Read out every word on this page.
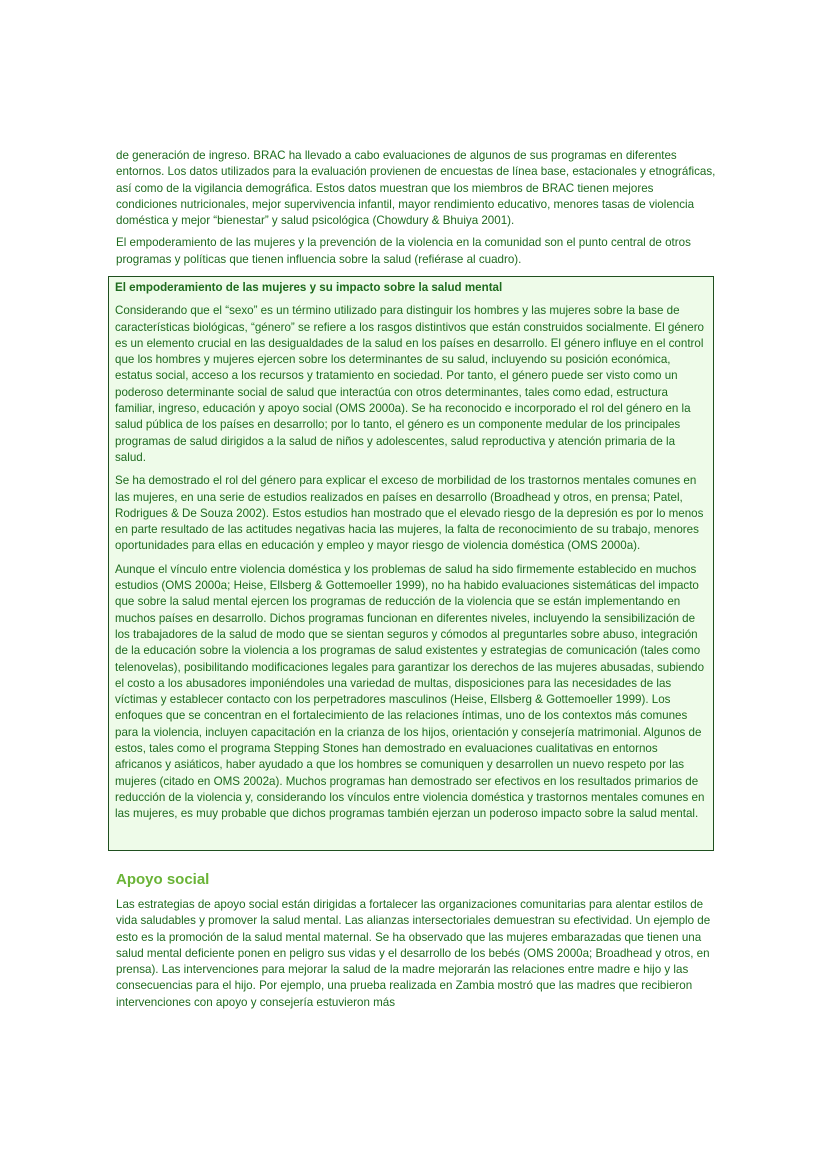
de generación de ingreso. BRAC ha llevado a cabo evaluaciones de algunos de sus programas en diferentes entornos. Los datos utilizados para la evaluación provienen de encuestas de línea base, estacionales y etnográficas, así como de la vigilancia demográfica. Estos datos muestran que los miembros de BRAC tienen mejores condiciones nutricionales, mejor supervivencia infantil, mayor rendimiento educativo, menores tasas de violencia doméstica y mejor “bienestar” y salud psicológica (Chowdury & Bhuiya 2001).

El empoderamiento de las mujeres y la prevención de la violencia en la comunidad son el punto central de otros programas y políticas que tienen influencia sobre la salud (refiérase al cuadro).

El empoderamiento de las mujeres y su impacto sobre la salud mental

Considerando que el “sexo” es un término utilizado para distinguir los hombres y las mujeres sobre la base de características biológicas, “género” se refiere a los rasgos distintivos que están construidos socialmente. El género es un elemento crucial en las desigualdades de la salud en los países en desarrollo. El género influye en el control que los hombres y mujeres ejercen sobre los determinantes de su salud, incluyendo su posición económica, estatus social, acceso a los recursos y tratamiento en sociedad. Por tanto, el género puede ser visto como un poderoso determinante social de salud que interactúa con otros determinantes, tales como edad, estructura familiar, ingreso, educación y apoyo social (OMS 2000a). Se ha reconocido e incorporado el rol del género en la salud pública de los países en desarrollo; por lo tanto, el género es un componente medular de los principales programas de salud dirigidos a la salud de niños y adolescentes, salud reproductiva y atención primaria de la salud.

Se ha demostrado el rol del género para explicar el exceso de morbilidad de los trastornos mentales comunes en las mujeres, en una serie de estudios realizados en países en desarrollo (Broadhead y otros, en prensa; Patel, Rodrigues & De Souza 2002). Estos estudios han mostrado que el elevado riesgo de la depresión es por lo menos en parte resultado de las actitudes negativas hacia las mujeres, la falta de reconocimiento de su trabajo, menores oportunidades para ellas en educación y empleo y mayor riesgo de violencia doméstica (OMS 2000a).

Aunque el vínculo entre violencia doméstica y los problemas de salud ha sido firmemente establecido en muchos estudios (OMS 2000a; Heise, Ellsberg & Gottemoeller 1999), no ha habido evaluaciones sistemáticas del impacto que sobre la salud mental ejercen los programas de reducción de la violencia que se están implementando en muchos países en desarrollo. Dichos programas funcionan en diferentes niveles, incluyendo la sensibilización de los trabajadores de la salud de modo que se sientan seguros y cómodos al preguntarles sobre abuso, integración de la educación sobre la violencia a los programas de salud existentes y estrategias de comunicación (tales como telenovelas), posibilitando modificaciones legales para garantizar los derechos de las mujeres abusadas, subiendo el costo a los abusadores imponiéndoles una variedad de multas, disposiciones para las necesidades de las víctimas y establecer contacto con los perpetradores masculinos (Heise, Ellsberg & Gottemoeller 1999). Los enfoques que se concentran en el fortalecimiento de las relaciones íntimas, uno de los contextos más comunes para la violencia, incluyen capacitación en la crianza de los hijos, orientación y consejería matrimonial. Algunos de estos, tales como el programa Stepping Stones han demostrado en evaluaciones cualitativas en entornos africanos y asiáticos, haber ayudado a que los hombres se comuniquen y desarrollen un nuevo respeto por las mujeres (citado en OMS 2002a). Muchos programas han demostrado ser efectivos en los resultados primarios de reducción de la violencia y, considerando los vínculos entre violencia doméstica y trastornos mentales comunes en las mujeres, es muy probable que dichos programas también ejerzan un poderoso impacto sobre la salud mental.

Apoyo social

Las estrategias de apoyo social están dirigidas a fortalecer las organizaciones comunitarias para alentar estilos de vida saludables y promover la salud mental. Las alianzas intersectoriales demuestran su efectividad. Un ejemplo de esto es la promoción de la salud mental maternal. Se ha observado que las mujeres embarazadas que tienen una salud mental deficiente ponen en peligro sus vidas y el desarrollo de los bebés (OMS 2000a; Broadhead y otros, en prensa). Las intervenciones para mejorar la salud de la madre mejorarán las relaciones entre madre e hijo y las consecuencias para el hijo. Por ejemplo, una prueba realizada en Zambia mostró que las madres que recibieron intervenciones con apoyo y consejería estuvieron más
